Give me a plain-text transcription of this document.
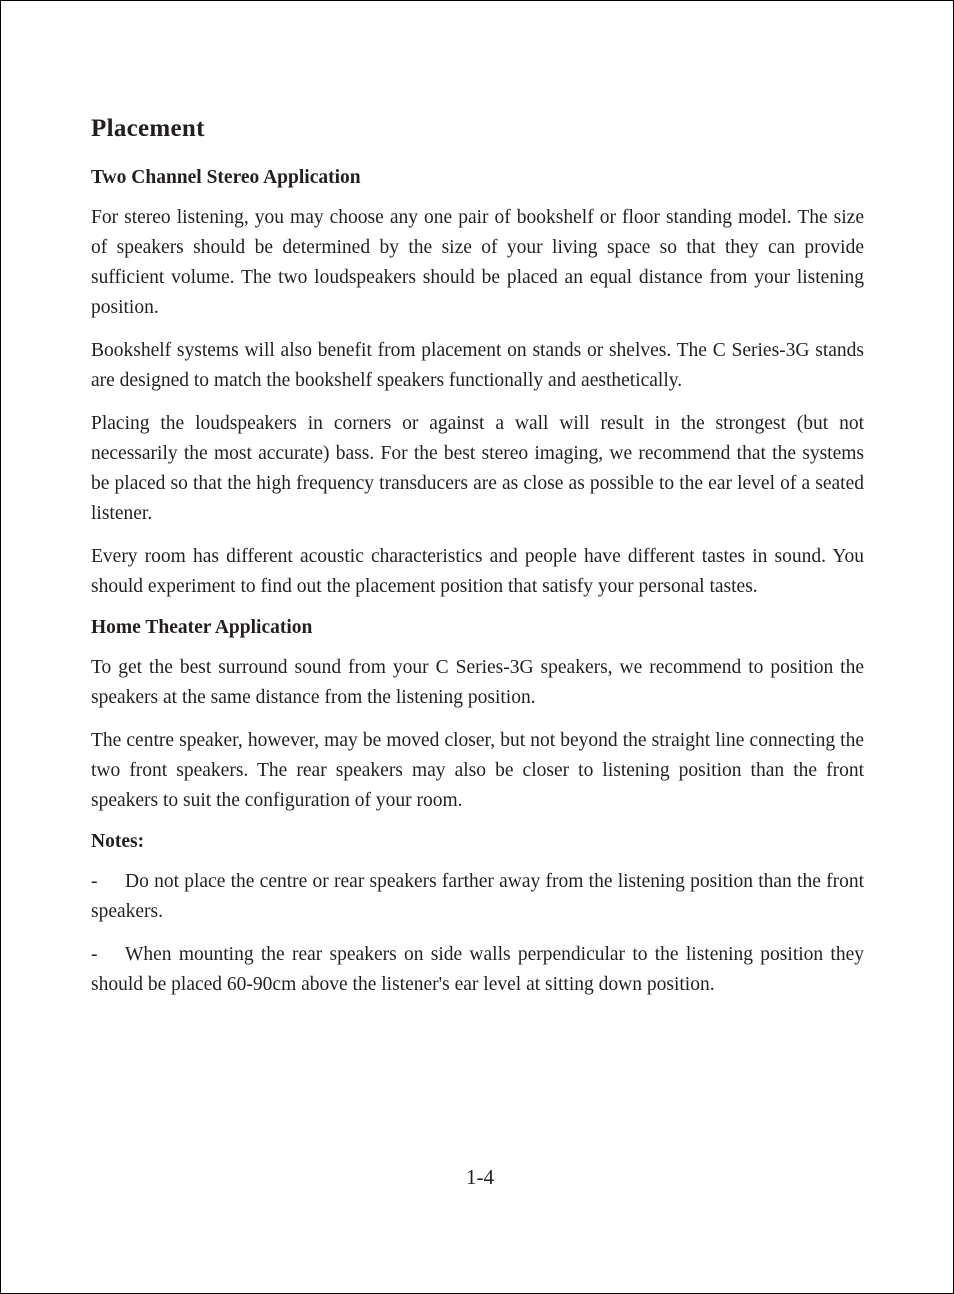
Placement
Two Channel Stereo Application

For stereo listening, you may choose any one pair of bookshelf or floor standing model. The size of speakers should be determined by the size of your living space so that they can provide sufficient volume. The two loudspeakers should be placed an equal distance from your listening position.

Bookshelf systems will also benefit from placement on stands or shelves. The C Series-3G stands are designed to match the bookshelf speakers functionally and aesthetically.

Placing the loudspeakers in corners or against a wall will result in the strongest (but not necessarily the most accurate) bass. For the best stereo imaging, we recommend that the systems be placed so that the high frequency transducers are as close as possible to the ear level of a seated listener.

Every room has different acoustic characteristics and people have different tastes in sound. You should experiment to find out the placement position that satisfy your personal tastes.

Home Theater Application

To get the best surround sound from your C Series-3G speakers, we recommend to position the speakers at the same distance from the listening position.

The centre speaker, however, may be moved closer, but not beyond the straight line connecting the two front speakers. The rear speakers may also be closer to listening position than the front speakers to suit the configuration of your room.

Notes:

- Do not place the centre or rear speakers farther away from the listening position than the front speakers.

- When mounting the rear speakers on side walls perpendicular to the listening position they should be placed 60-90cm above the listener's ear level at sitting down position.

1-4
